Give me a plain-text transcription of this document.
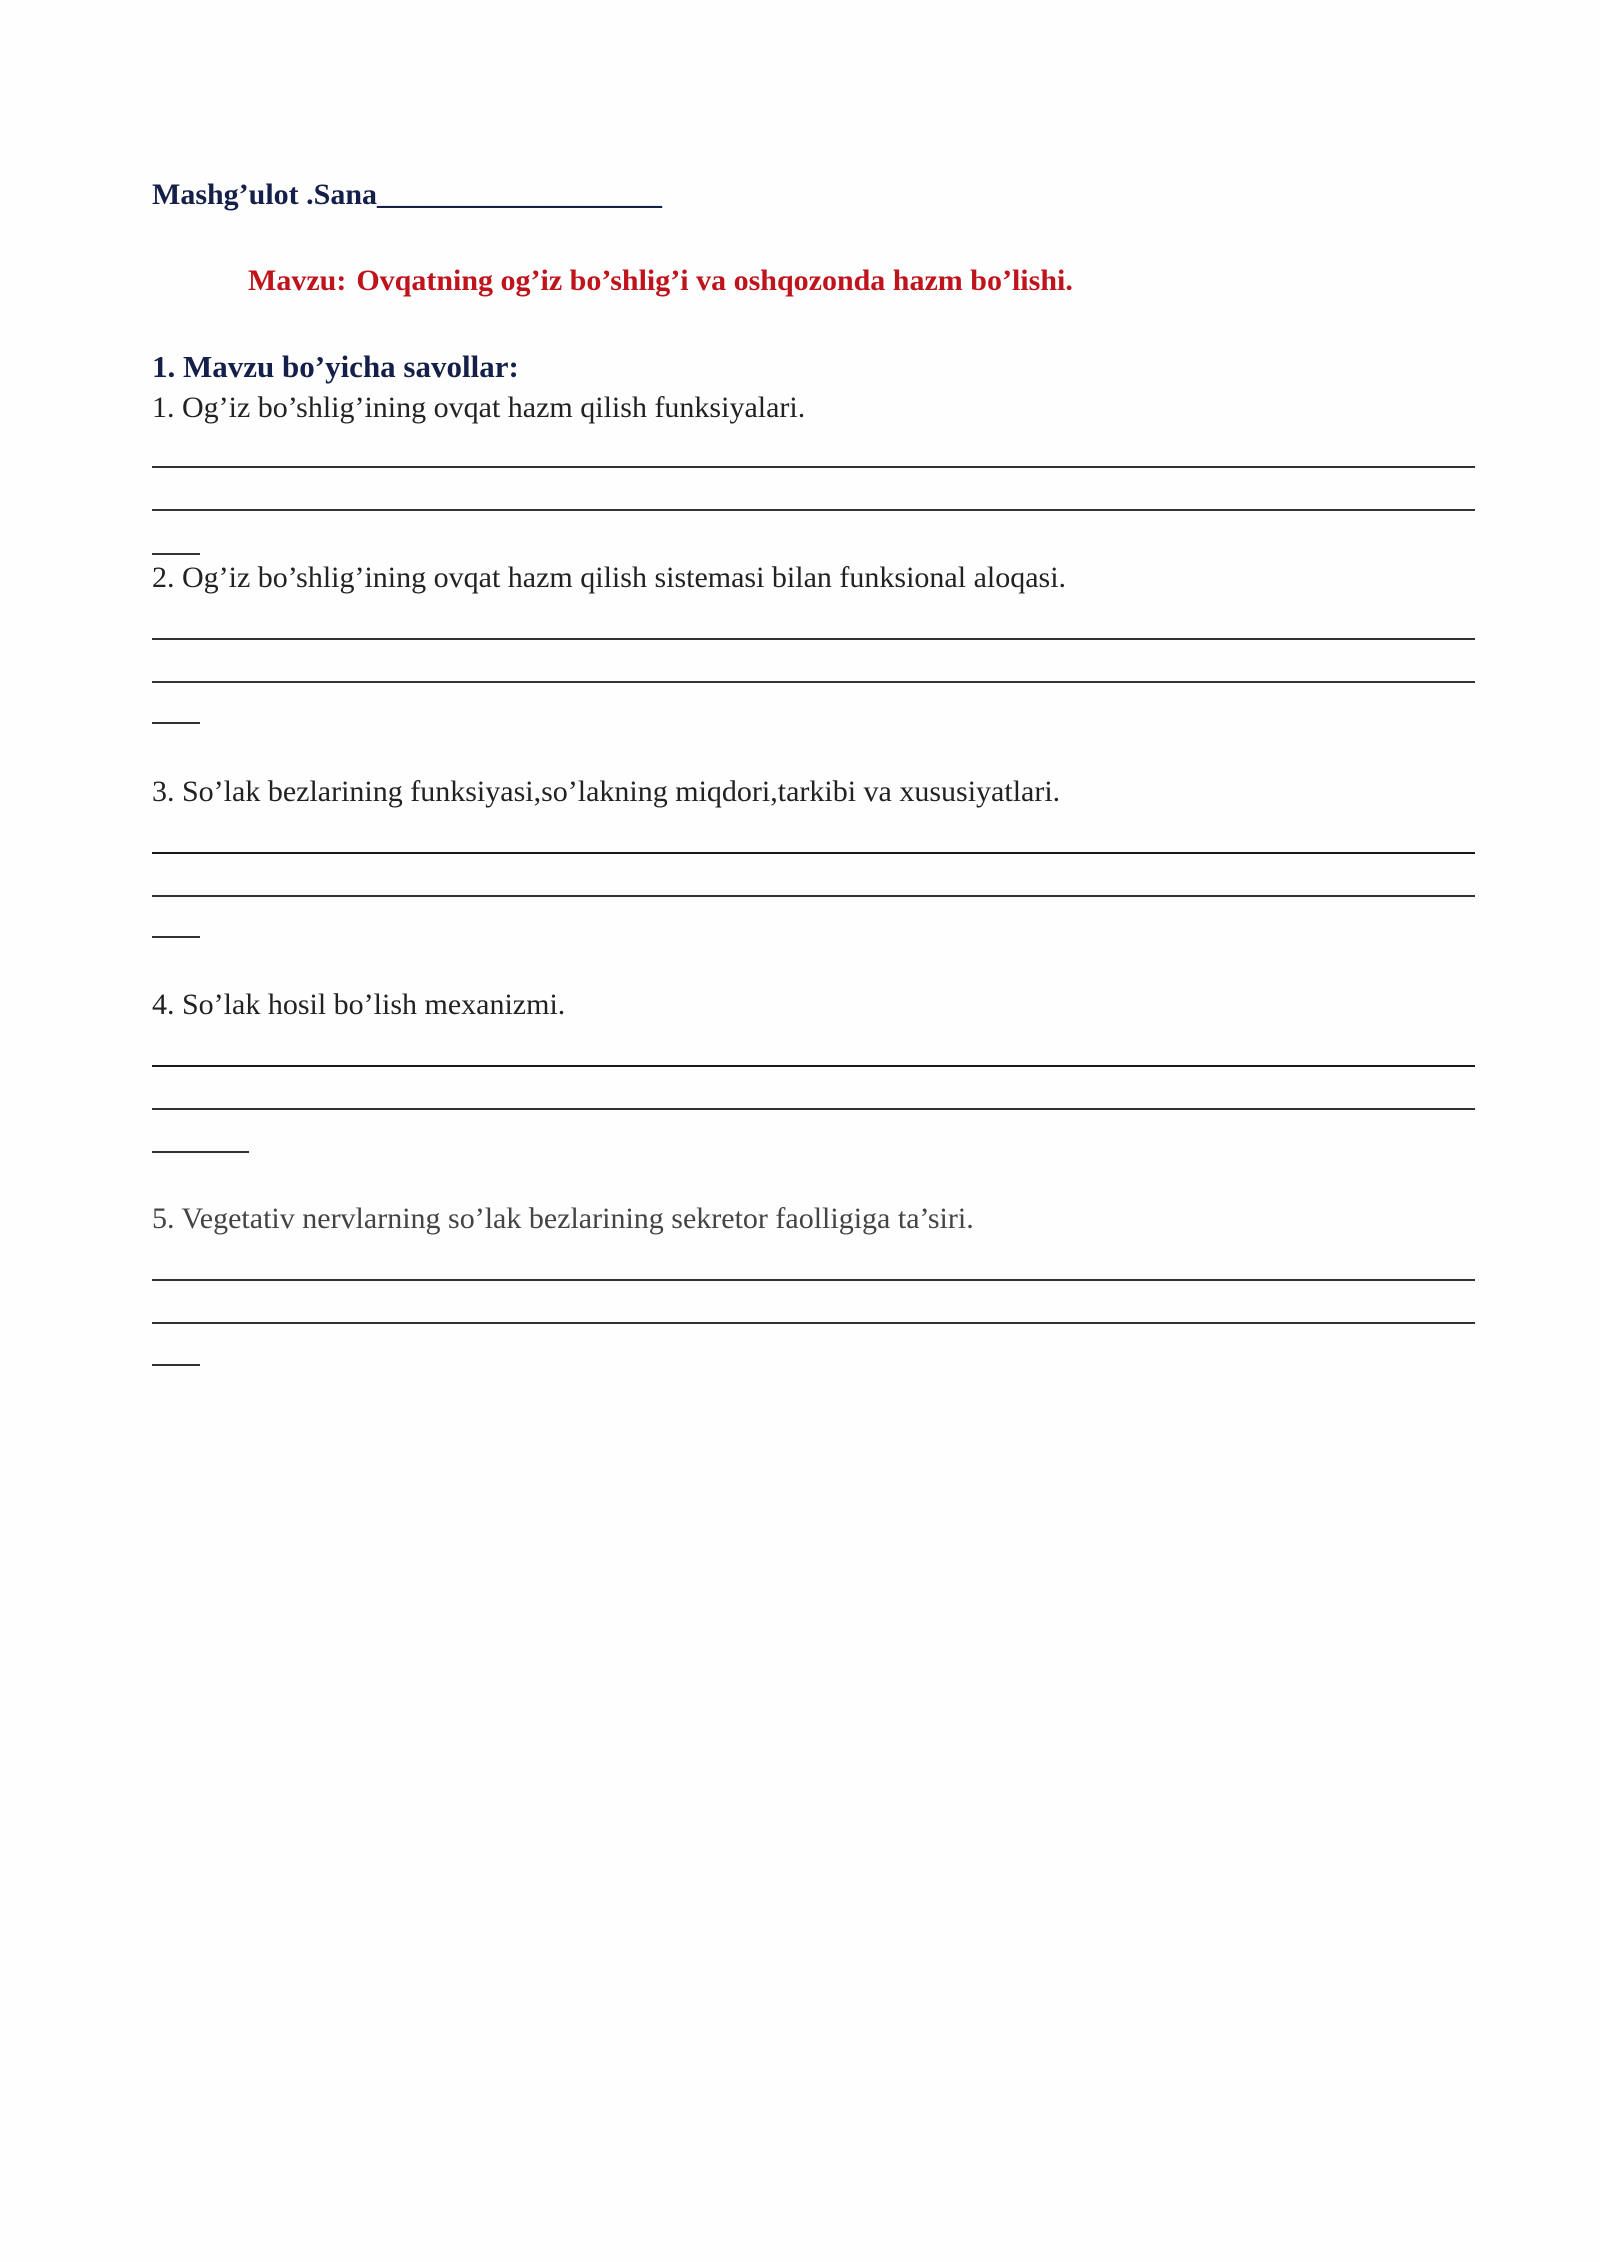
Mashg’ulot .Sana___________________
Mavzu: Ovqatning og’iz bo’shlig’i va oshqozonda hazm bo’lishi.
1. Mavzu bo’yicha savollar:
1. Og’iz bo’shlig’ining ovqat hazm qilish funksiyalari.
2. Og’iz bo’shlig’ining ovqat hazm qilish sistemasi bilan funksional aloqasi.
3. So’lak bezlarining funksiyasi,so’lakning miqdori,tarkibi va xususiyatlari.
4. So’lak hosil bo’lish mexanizmi.
5. Vegetativ nervlarning so’lak bezlarining sekretor faolligiga ta’siri.
